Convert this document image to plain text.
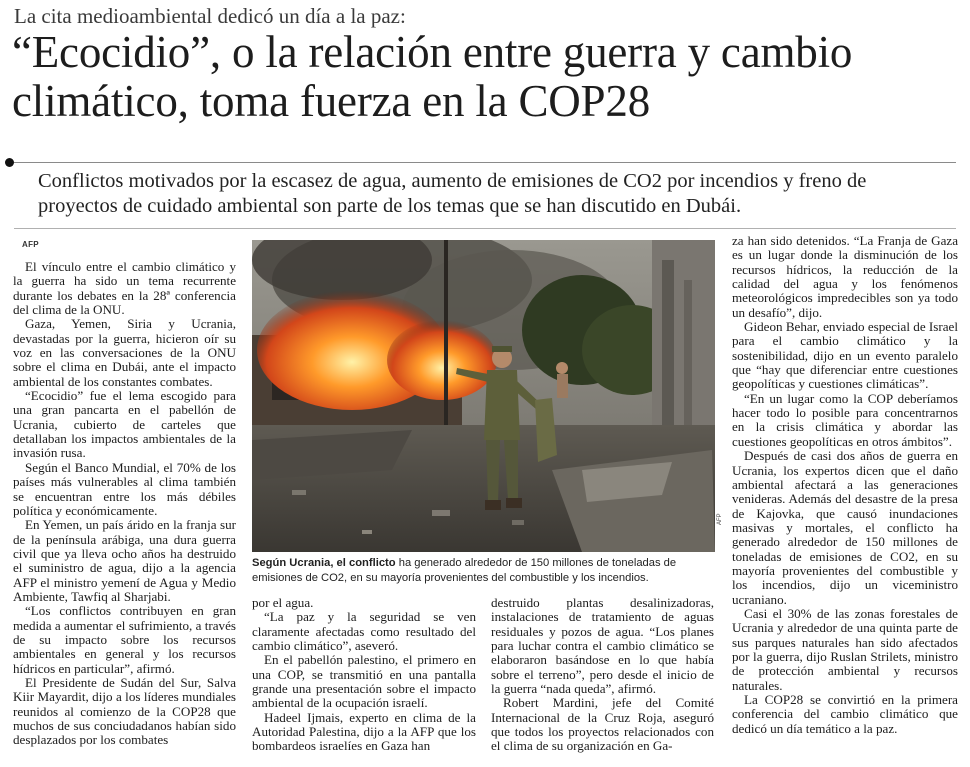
La cita medioambiental dedicó un día a la paz:
“Ecocidio”, o la relación entre guerra y cambio climático, toma fuerza en la COP28
Conflictos motivados por la escasez de agua, aumento de emisiones de CO2 por incendios y freno de proyectos de cuidado ambiental son parte de los temas que se han discutido en Dubái.
AFP

El vínculo entre el cambio climático y la guerra ha sido un tema recurrente durante los debates en la 28ª conferencia del clima de la ONU.

Gaza, Yemen, Siria y Ucrania, devastadas por la guerra, hicieron oír su voz en las conversaciones de la ONU sobre el clima en Dubái, ante el impacto ambiental de los constantes combates.

“Ecocidio” fue el lema escogido para una gran pancarta en el pabellón de Ucrania, cubierto de carteles que detallaban los impactos ambientales de la invasión rusa.

Según el Banco Mundial, el 70% de los países más vulnerables al clima también se encuentran entre los más débiles política y económicamente.

En Yemen, un país árido en la franja sur de la península arábiga, una dura guerra civil que ya lleva ocho años ha destruido el suministro de agua, dijo a la agencia AFP el ministro yemení de Agua y Medio Ambiente, Tawfiq al Sharjabi.

“Los conflictos contribuyen en gran medida a aumentar el sufrimiento, a través de su impacto sobre los recursos ambientales en general y los recursos hídricos en particular”, afirmó.

El Presidente de Sudán del Sur, Salva Kiir Mayardit, dijo a los líderes mundiales reunidos al comienzo de la COP28 que muchos de sus conciudadanos habían sido desplazados por los combates

AFP
Según Ucrania, el conflicto ha generado alrededor de 150 millones de toneladas de emisiones de CO2, en su mayoría provenientes del combustible y los incendios.

por el agua.

“La paz y la seguridad se ven claramente afectadas como resultado del cambio climático”, aseveró.

En el pabellón palestino, el primero en una COP, se transmitió en una pantalla grande una presentación sobre el impacto ambiental de la ocupación israelí.

Hadeel Ijmais, experto en clima de la Autoridad Palestina, dijo a la AFP que los bombardeos israelíes en Gaza han

destruido plantas desalinizadoras, instalaciones de tratamiento de aguas residuales y pozos de agua. “Los planes para luchar contra el cambio climático se elaboraron basándose en lo que había sobre el terreno”, pero desde el inicio de la guerra “nada queda”, afirmó.

Robert Mardini, jefe del Comité Internacional de la Cruz Roja, aseguró que todos los proyectos relacionados con el clima de su organización en Ga-

za han sido detenidos. “La Franja de Gaza es un lugar donde la disminución de los recursos hídricos, la reducción de la calidad del agua y los fenómenos meteorológicos impredecibles son ya todo un desafío”, dijo.

Gideon Behar, enviado especial de Israel para el cambio climático y la sostenibilidad, dijo en un evento paralelo que “hay que diferenciar entre cuestiones geopolíticas y cuestiones climáticas”.

“En un lugar como la COP deberíamos hacer todo lo posible para concentrarnos en la crisis climática y abordar las cuestiones geopolíticas en otros ámbitos”.

Después de casi dos años de guerra en Ucrania, los expertos dicen que el daño ambiental afectará a las generaciones venideras. Además del desastre de la presa de Kajovka, que causó inundaciones masivas y mortales, el conflicto ha generado alrededor de 150 millones de toneladas de emisiones de CO2, en su mayoría provenientes del combustible y los incendios, dijo un viceministro ucraniano.

Casi el 30% de las zonas forestales de Ucrania y alrededor de una quinta parte de sus parques naturales han sido afectados por la guerra, dijo Ruslan Strilets, ministro de protección ambiental y recursos naturales.

La COP28 se convirtió en la primera conferencia del cambio climático que dedicó un día temático a la paz.
